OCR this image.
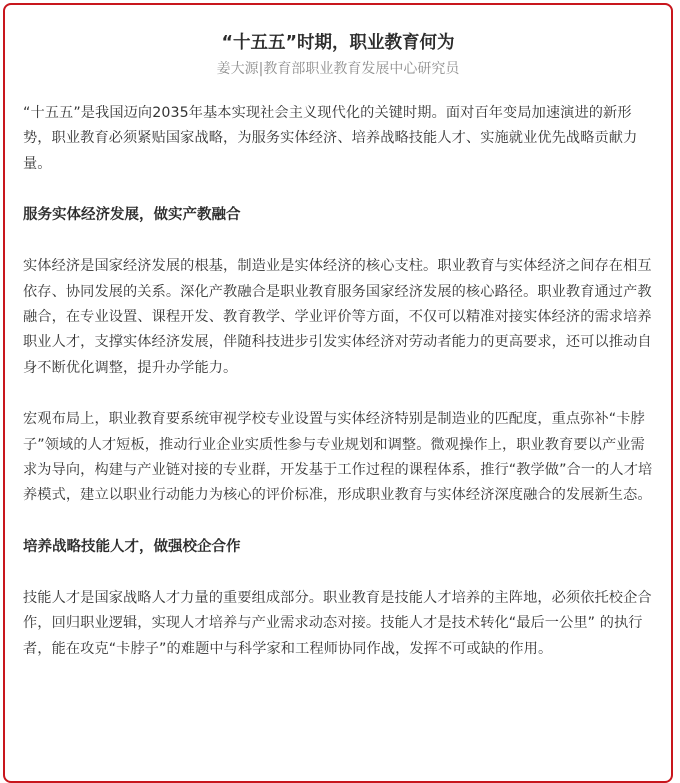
“十五五”时期，职业教育何为
姜大源|教育部职业教育发展中心研究员

“十五五”是我国迈向2035年基本实现社会主义现代化的关键时期。面对百年变局加速演进的新形势，职业教育必须紧贴国家战略，为服务实体经济、培养战略技能人才、实施就业优先战略贡献力量。

服务实体经济发展，做实产教融合

实体经济是国家经济发展的根基，制造业是实体经济的核心支柱。职业教育与实体经济之间存在相互依存、协同发展的关系。深化产教融合是职业教育服务国家经济发展的核心路径。职业教育通过产教融合，在专业设置、课程开发、教育教学、学业评价等方面，不仅可以精准对接实体经济的需求培养职业人才，支撑实体经济发展，伴随科技进步引发实体经济对劳动者能力的更高要求，还可以推动自身不断优化调整，提升办学能力。

宏观布局上，职业教育要系统审视学校专业设置与实体经济特别是制造业的匹配度，重点弥补“卡脖子”领域的人才短板，推动行业企业实质性参与专业规划和调整。微观操作上，职业教育要以产业需求为导向，构建与产业链对接的专业群，开发基于工作过程的课程体系，推行“教学做”合一的人才培养模式，建立以职业行动能力为核心的评价标准，形成职业教育与实体经济深度融合的发展新生态。

培养战略技能人才，做强校企合作

技能人才是国家战略人才力量的重要组成部分。职业教育是技能人才培养的主阵地，必须依托校企合作，回归职业逻辑，实现人才培养与产业需求动态对接。技能人才是技术转化“最后一公里” 的执行者，能在攻克“卡脖子”的难题中与科学家和工程师协同作战，发挥不可或缺的作用。
